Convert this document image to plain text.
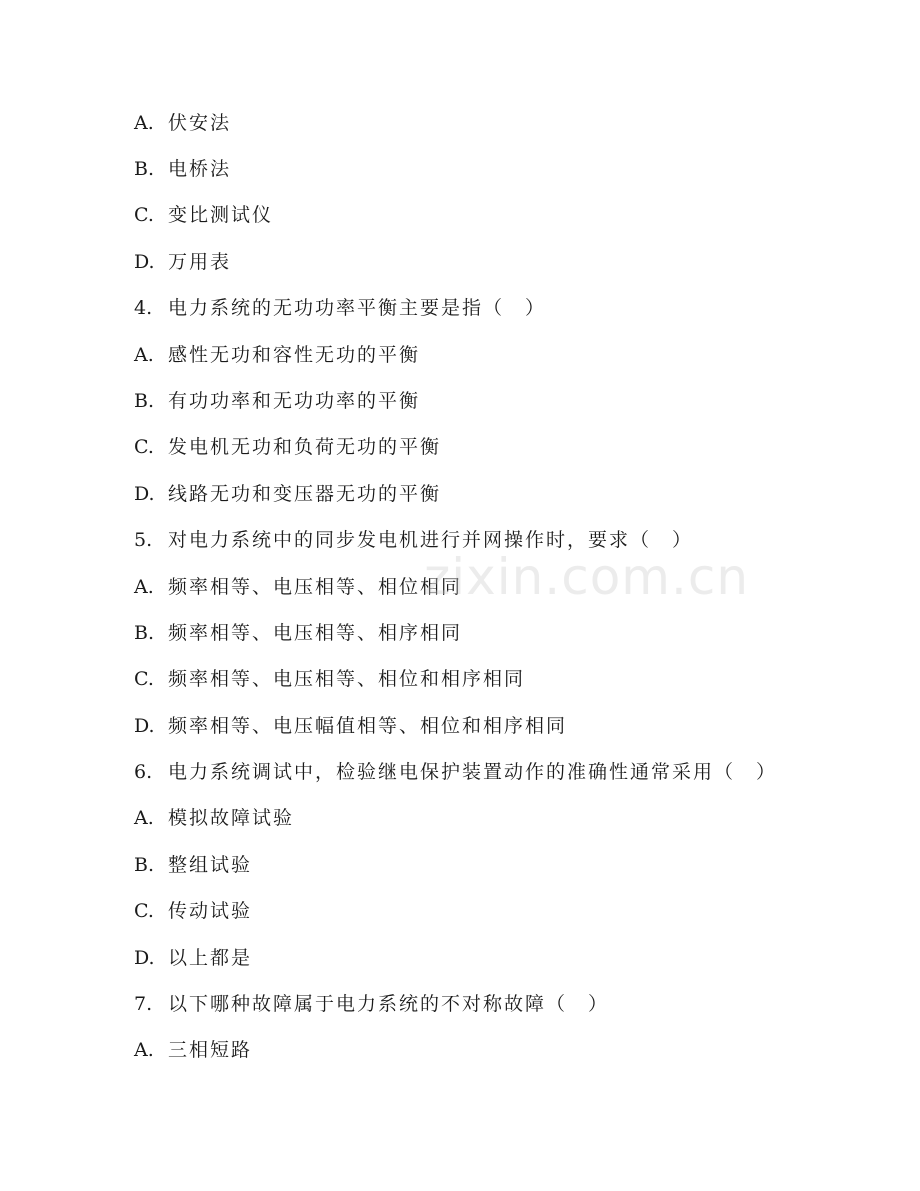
A. 伏安法
B. 电桥法
C. 变比测试仪
D. 万用表
4. 电力系统的无功功率平衡主要是指（　）
A. 感性无功和容性无功的平衡
B. 有功功率和无功功率的平衡
C. 发电机无功和负荷无功的平衡
D. 线路无功和变压器无功的平衡
5. 对电力系统中的同步发电机进行并网操作时，要求（　）
A. 频率相等、电压相等、相位相同
B. 频率相等、电压相等、相序相同
C. 频率相等、电压相等、相位和相序相同
D. 频率相等、电压幅值相等、相位和相序相同
6. 电力系统调试中，检验继电保护装置动作的准确性通常采用（　）
A. 模拟故障试验
B. 整组试验
C. 传动试验
D. 以上都是
7. 以下哪种故障属于电力系统的不对称故障（　）
A. 三相短路
zixin.com.cn
